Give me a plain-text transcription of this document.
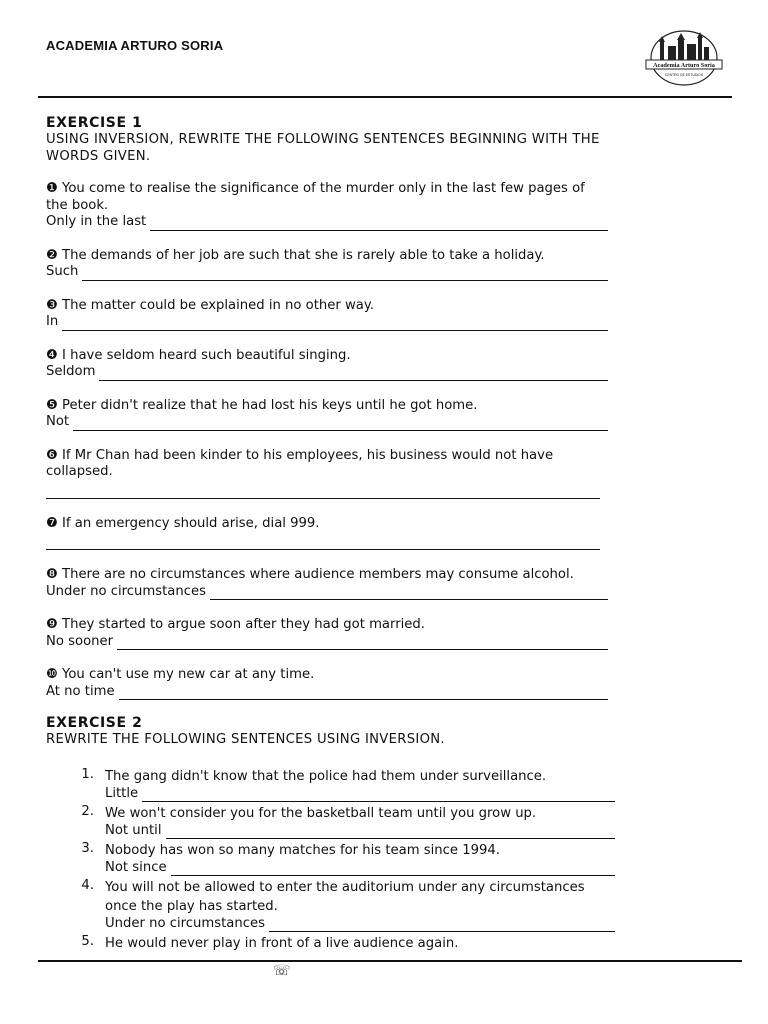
ACADEMIA ARTURO SORIA
Academia Arturo Soria
CENTRO DE ESTUDIOS

EXERCISE 1

USING INVERSION, REWRITE THE FOLLOWING SENTENCES BEGINNING WITH THE WORDS GIVEN.

❶ You come to realise the significance of the murder only in the last few pages of the book.

Only in the last

❷ The demands of her job are such that she is rarely able to take a holiday.

Such

❸ The matter could be explained in no other way.

In

❹ I have seldom heard such beautiful singing.

Seldom

❺ Peter didn't realize that he had lost his keys until he got home.

Not

❻ If Mr Chan had been kinder to his employees, his business would not have collapsed.

❼ If an emergency should arise, dial 999.

❽ There are no circumstances where audience members may consume alcohol.

Under no circumstances

❾ They started to argue soon after they had got married.

No sooner

❿ You can't use my new car at any time.

At no time

EXERCISE 2

REWRITE THE FOLLOWING SENTENCES USING INVERSION.

1. The gang didn't know that the police had them under surveillance.
Little
2. We won't consider you for the basketball team until you grow up.
Not until
3. Nobody has won so many matches for his team since 1994.
Not since
4. You will not be allowed to enter the auditorium under any circumstances once the play has started.
Under no circumstances
5. He would never play in front of a live audience again.
☏
